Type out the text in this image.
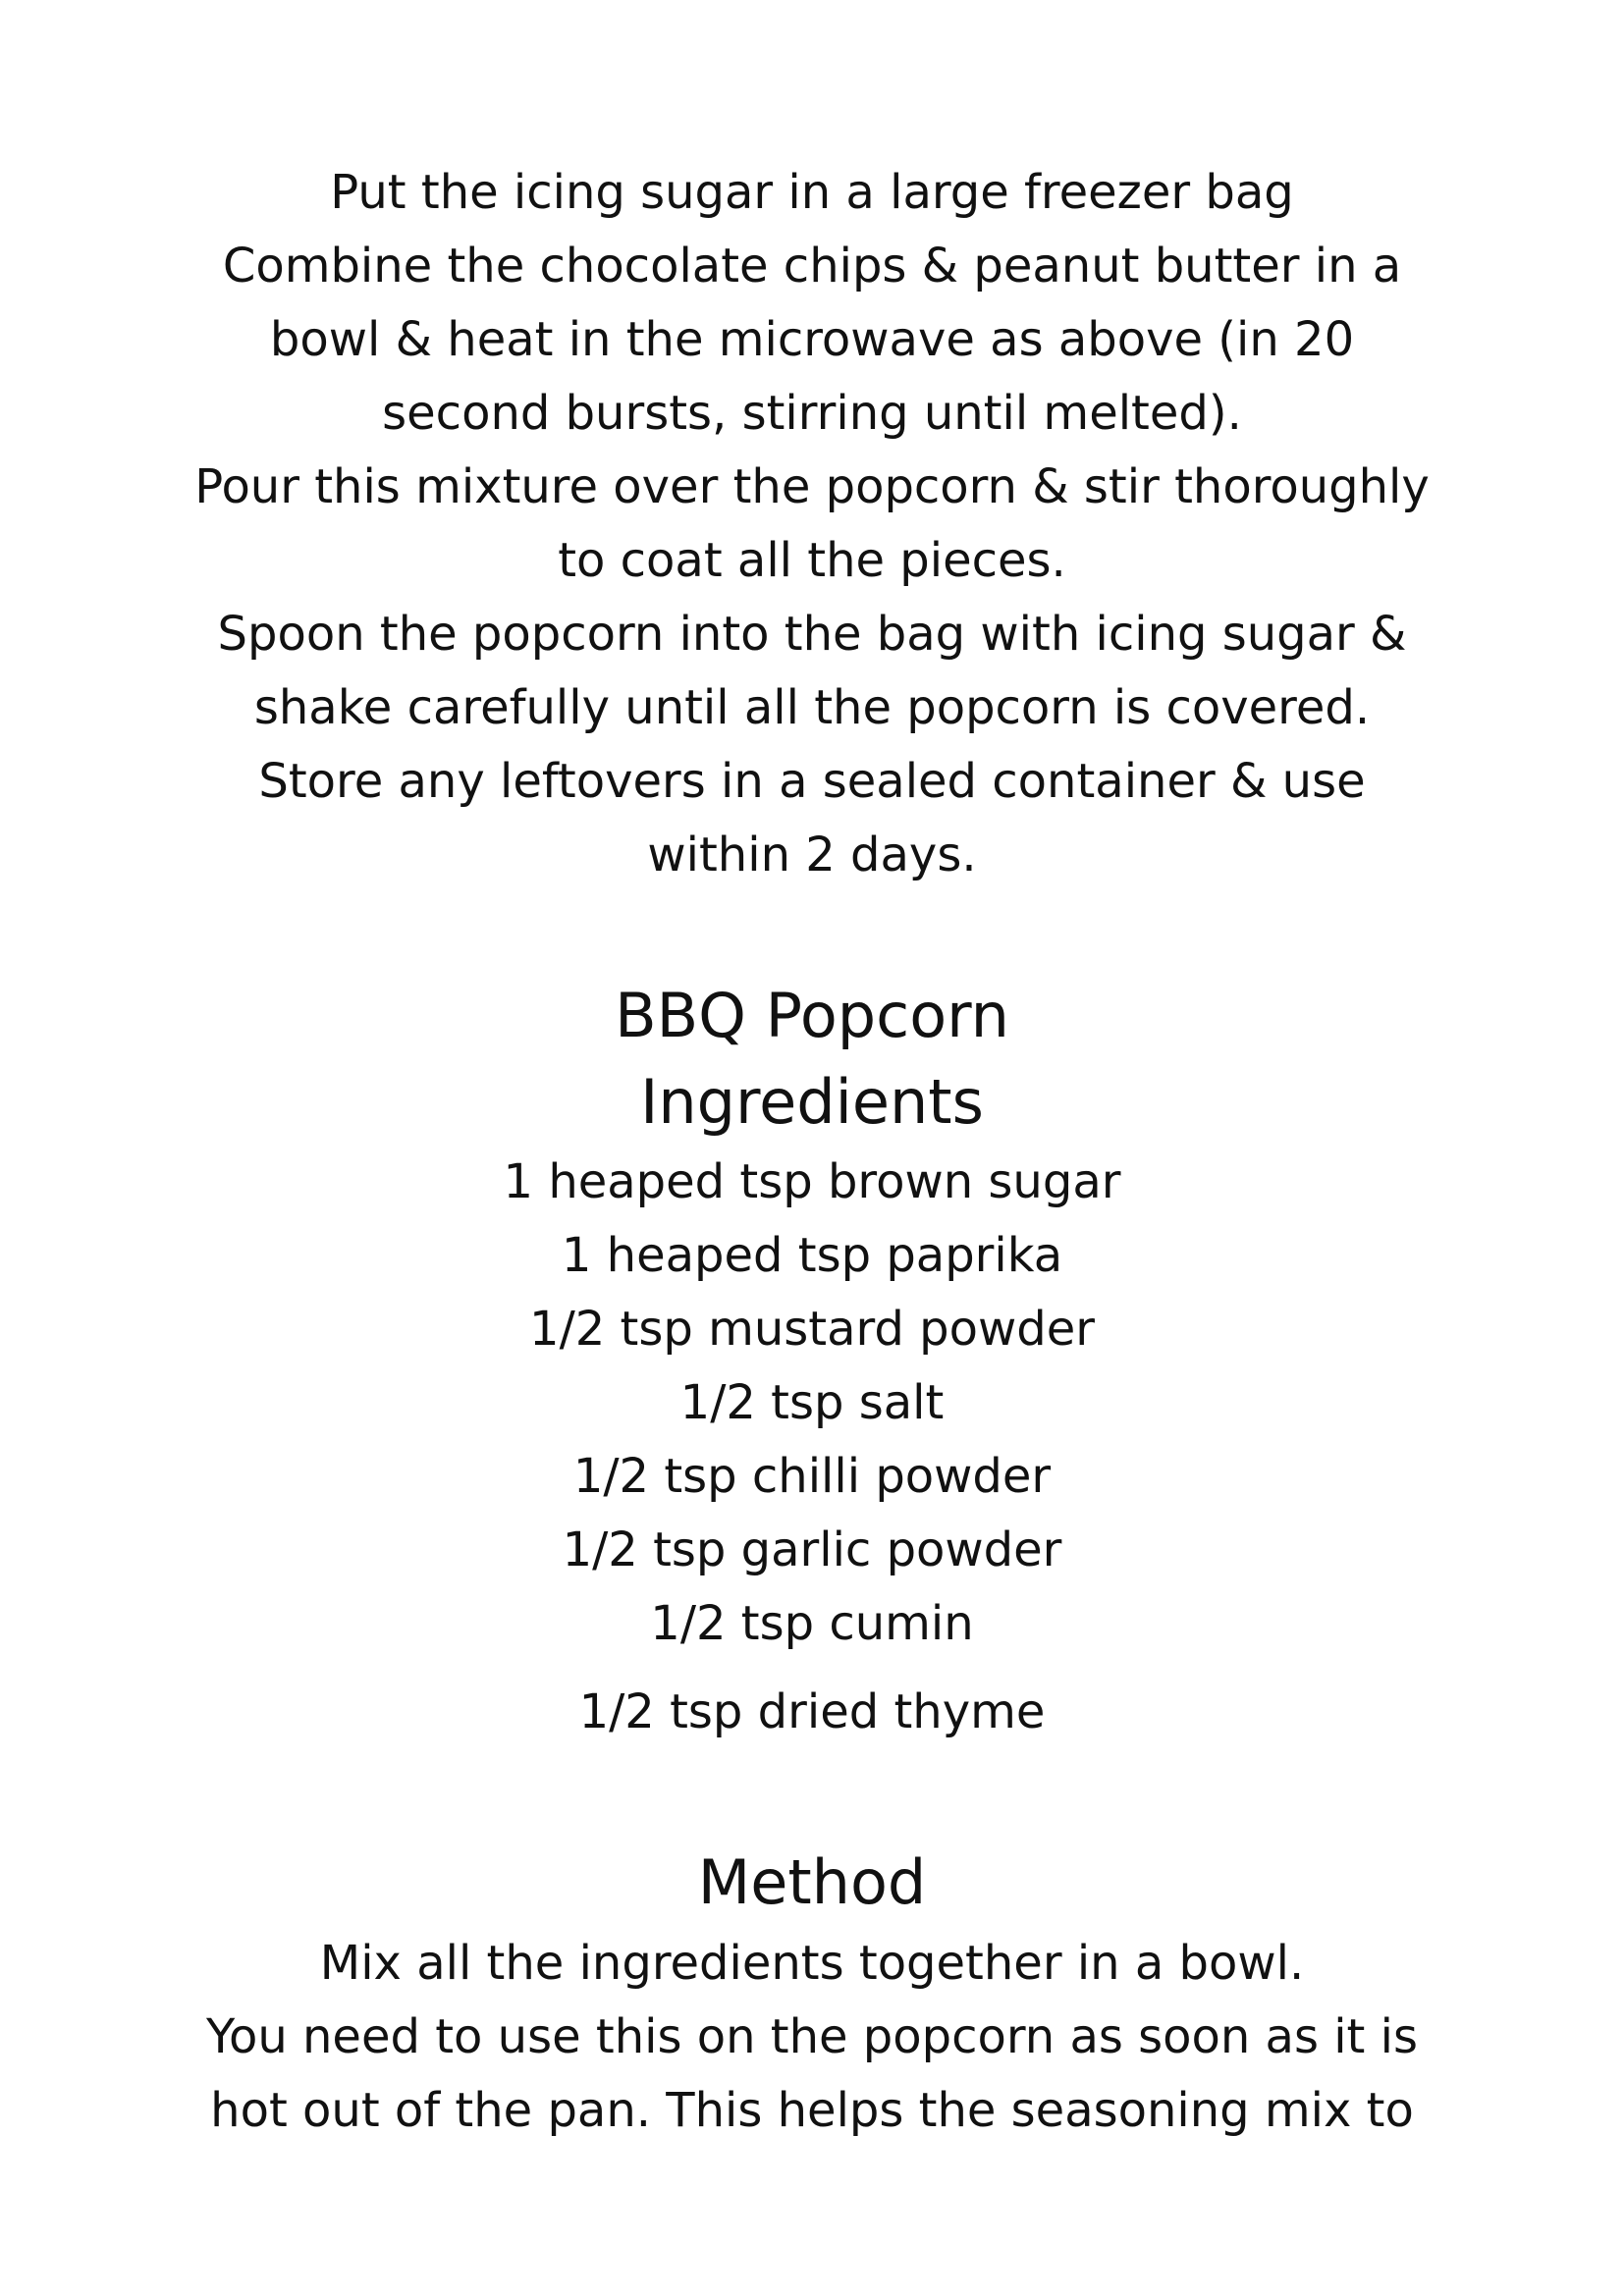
Put the icing sugar in a large freezer bag
Combine the chocolate chips & peanut butter in a
bowl & heat in the microwave as above (in 20
second bursts, stirring until melted).
Pour this mixture over the popcorn & stir thoroughly
to coat all the pieces.
Spoon the popcorn into the bag with icing sugar &
shake carefully until all the popcorn is covered.
Store any leftovers in a sealed container & use
within 2 days.
BBQ Popcorn
Ingredients
1 heaped tsp brown sugar
1 heaped tsp paprika
1/2 tsp mustard powder
1/2 tsp salt
1/2 tsp chilli powder
1/2 tsp garlic powder
1/2 tsp cumin
1/2 tsp dried thyme
Method
Mix all the ingredients together in a bowl.
You need to use this on the popcorn as soon as it is
hot out of the pan. This helps the seasoning mix to
